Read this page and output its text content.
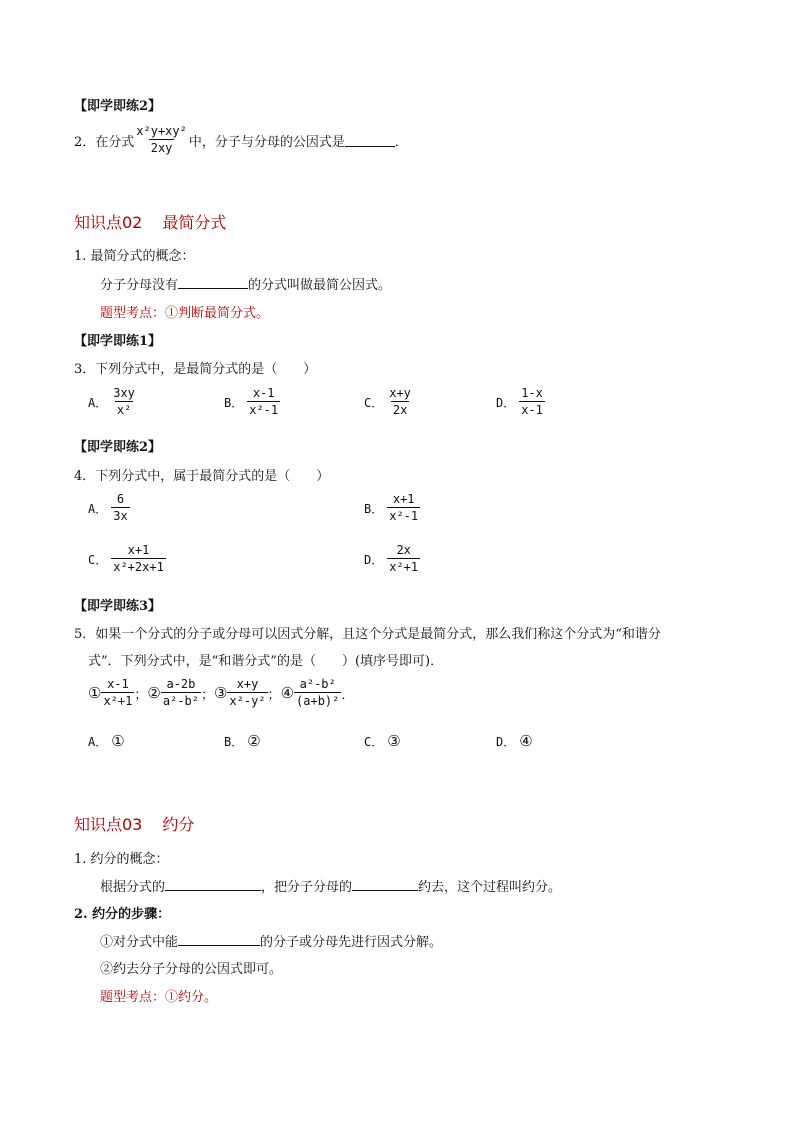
【即学即练2】
2．在分式 $\frac{\text{x²y+xy²}}{2xy}$ 中，分子与分母的公因式是	．
知识点02 最简分式
1. 最简分式的概念：
分子分母没有	的分式叫做最简公因式。
题型考点：①判断最简分式。
【即学即练1】
3．下列分式中，是最简分式的是（　　）
A． $\frac{3xy}{\text{x²}}$	B． $\frac{x-1}{\text{x²-1}}$	C． $\frac{x+y}{2x}$	D． $\frac{1-x}{x-1}$
【即学即练2】
4．下列分式中，属于最简分式的是（　　）
A． $\frac{6}{3x}$	B． $\frac{x+1}{\text{x²-1}}$
C． $\frac{x+1}{\text{x²+2x+1}}$	D． $\frac{2x}{\text{x²+1}}$
【即学即练3】
5．如果一个分式的分子或分母可以因式分解，且这个分式是最简分式，那么我们称这个分式为“和谐分
式”．下列分式中，是“和谐分式”的是（　　）(填序号即可)．
① $\frac{x-1}{\text{x²+1}}$ ； ② $\frac{a-2b}{\text{a²-b²}}$ ； ③ $\frac{x+y}{\text{x²-y²}}$ ； ④ $\frac{\text{a²-b²}}{\text{(a+b)²}}$ ．
A． ①	B． ②	C． ③	D． ④
知识点03 约分
1. 约分的概念：
根据分式的	，把分子分母的	约去，这个过程叫约分。
2. 约分的步骤：
①对分式中能	的分子或分母先进行因式分解。
②约去分子分母的公因式即可。
题型考点：①约分。
